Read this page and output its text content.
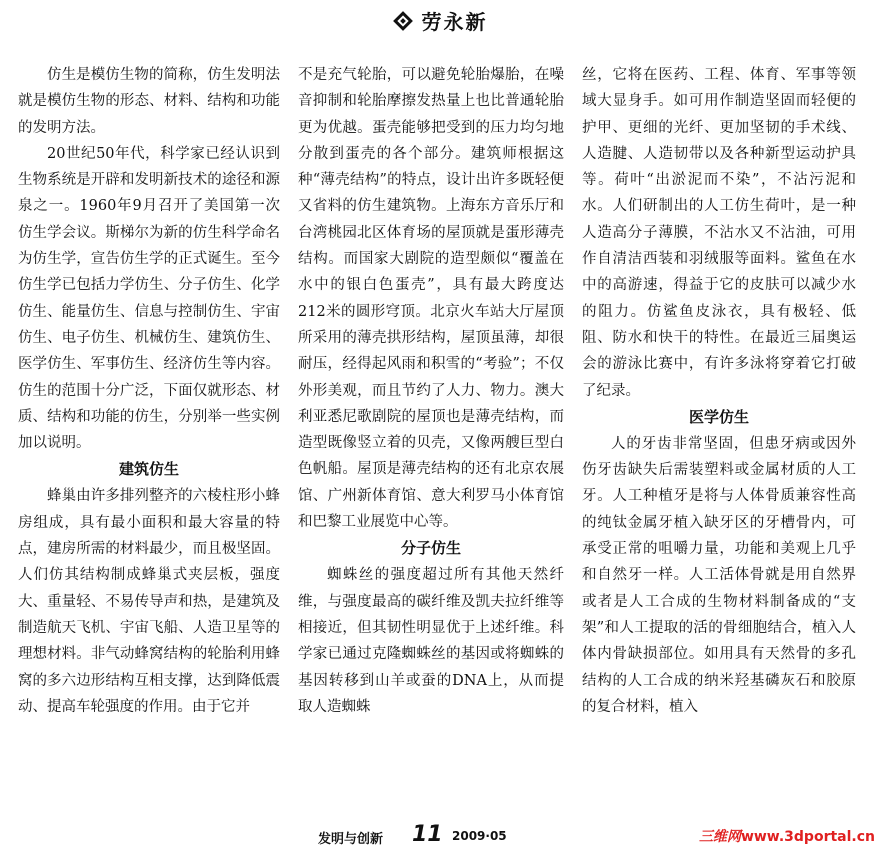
劳永新

仿生是模仿生物的简称，仿生发明法就是模仿生物的形态、材料、结构和功能的发明方法。

20世纪50年代，科学家已经认识到生物系统是开辟和发明新技术的途径和源泉之一。1960年9月召开了美国第一次仿生学会议。斯梯尔为新的仿生科学命名为仿生学，宣告仿生学的正式诞生。至今仿生学已包括力学仿生、分子仿生、化学仿生、能量仿生、信息与控制仿生、宇宙仿生、电子仿生、机械仿生、建筑仿生、医学仿生、军事仿生、经济仿生等内容。仿生的范围十分广泛，下面仅就形态、材质、结构和功能的仿生，分别举一些实例加以说明。

建筑仿生

蜂巢由许多排列整齐的六棱柱形小蜂房组成，具有最小面积和最大容量的特点，建房所需的材料最少，而且极坚固。人们仿其结构制成蜂巢式夹层板，强度大、重量轻、不易传导声和热，是建筑及制造航天飞机、宇宙飞船、人造卫星等的理想材料。非气动蜂窝结构的轮胎利用蜂窝的多六边形结构互相支撑，达到降低震动、提高车轮强度的作用。由于它并

不是充气轮胎，可以避免轮胎爆胎，在噪音抑制和轮胎摩擦发热量上也比普通轮胎更为优越。蛋壳能够把受到的压力均匀地分散到蛋壳的各个部分。建筑师根据这种“薄壳结构”的特点，设计出许多既轻便又省料的仿生建筑物。上海东方音乐厅和台湾桃园北区体育场的屋顶就是蛋形薄壳结构。而国家大剧院的造型颇似“覆盖在水中的银白色蛋壳”，具有最大跨度达212米的圆形穹顶。北京火车站大厅屋顶所采用的薄壳拱形结构，屋顶虽薄，却很耐压，经得起风雨和积雪的“考验”；不仅外形美观，而且节约了人力、物力。澳大利亚悉尼歌剧院的屋顶也是薄壳结构，而造型既像竖立着的贝壳，又像两艘巨型白色帆船。屋顶是薄壳结构的还有北京农展馆、广州新体育馆、意大利罗马小体育馆和巴黎工业展览中心等。

分子仿生

蜘蛛丝的强度超过所有其他天然纤维，与强度最高的碳纤维及凯夫拉纤维等相接近，但其韧性明显优于上述纤维。科学家已通过克隆蜘蛛丝的基因或将蜘蛛的基因转移到山羊或蚕的DNA上，从而提取人造蜘蛛

丝，它将在医药、工程、体育、军事等领域大显身手。如可用作制造坚固而轻便的护甲、更细的光纤、更加坚韧的手术线、人造腱、人造韧带以及各种新型运动护具等。荷叶“出淤泥而不染”，不沾污泥和水。人们研制出的人工仿生荷叶，是一种人造高分子薄膜，不沾水又不沾油，可用作自清洁西装和羽绒服等面料。鲨鱼在水中的高游速，得益于它的皮肤可以减少水的阻力。仿鲨鱼皮泳衣，具有极轻、低阻、防水和快干的特性。在最近三届奥运会的游泳比赛中，有许多泳将穿着它打破了纪录。

医学仿生

人的牙齿非常坚固，但患牙病或因外伤牙齿缺失后需装塑料或金属材质的人工牙。人工种植牙是将与人体骨质兼容性高的纯钛金属牙植入缺牙区的牙槽骨内，可承受正常的咀嚼力量，功能和美观上几乎和自然牙一样。人工活体骨就是用自然界或者是人工合成的生物材料制备成的“支架”和人工提取的活的骨细胞结合，植入人体内骨缺损部位。如用具有天然骨的多孔结构的人工合成的纳米羟基磷灰石和胶原的复合材料，植入

发明与创新 11 2009·05	三维网www.3dportal.cn
